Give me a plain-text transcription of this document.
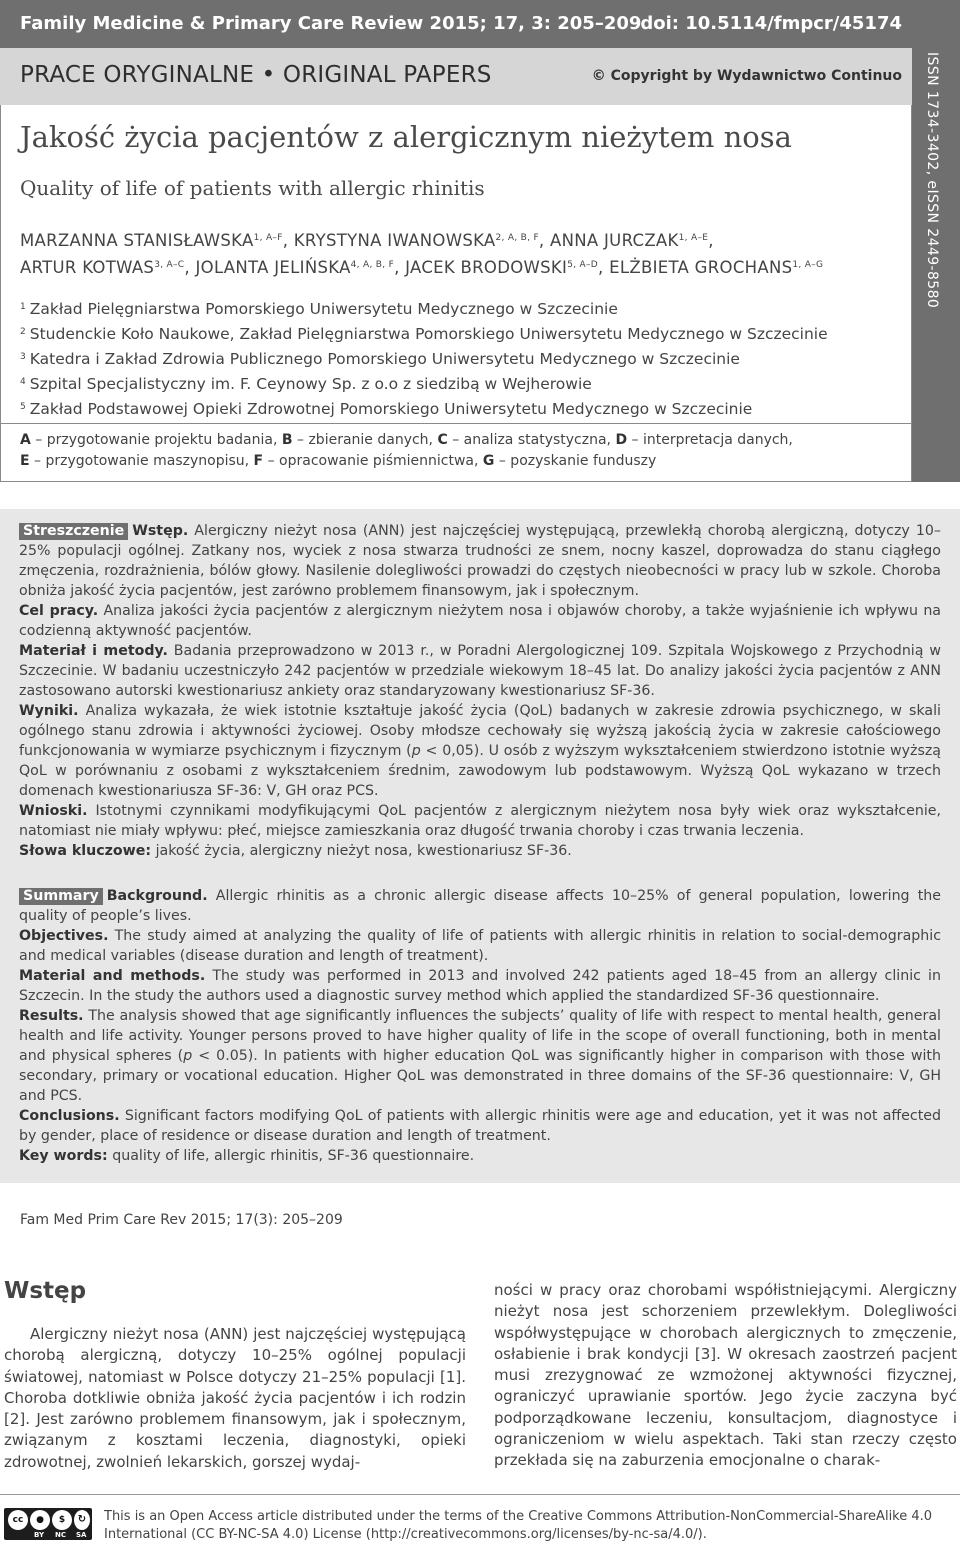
Family Medicine & Primary Care Review 2015; 17, 3: 205–209
doi: 10.5114/fmpcr/45174
PRACE ORYGINALNE • ORIGINAL PAPERS	© Copyright by Wydawnictwo Continuo ISSN 1734-3402, eISSN 2449-8580
Jakość życia pacjentów z alergicznym nieżytem nosa
Quality of life of patients with allergic rhinitis
MARZANNA $STANISŁAWSKA^{1, A-F}$, KRYSTYNA $IWANOWSKA^{2, A, B, F}$, ANNA $JURCZAK^{1, A-E}$,
ARTUR $KOTWAS^{3, A-C}$, JOLANTA $JELIŃSKA^{4, A, B, F}$, JACEK $BRODOWSKI^{5, A-D}$, ELŻBIETA $GROCHANS^{1, A-G}$
$^1$ Zakład Pielęgniarstwa Pomorskiego Uniwersytetu Medycznego w Szczecinie
$^2$ Studenckie Koło Naukowe, Zakład Pielęgniarstwa Pomorskiego Uniwersytetu Medycznego w Szczecinie
$^3$ Katedra i Zakład Zdrowia Publicznego Pomorskiego Uniwersytetu Medycznego w Szczecinie
$^4$ Szpital Specjalistyczny im. F. Ceynowy Sp. z o.o z siedzibą w Wejherowie
$^5$ Zakład Podstawowej Opieki Zdrowotnej Pomorskiego Uniwersytetu Medycznego w Szczecinie
A – przygotowanie projektu badania, B – zbieranie danych, C – analiza statystyczna, D – interpretacja danych,
E – przygotowanie maszynopisu, F – opracowanie piśmiennictwa, G – pozyskanie funduszy

Streszczenie Wstęp. Alergiczny nieżyt nosa (ANN) jest najczęściej występującą, przewlekłą chorobą alergiczną, dotyczy 10–25% populacji ogólnej. Zatkany nos, wyciek z nosa stwarza trudności ze snem, nocny kaszel, doprowadza do stanu ciągłego zmęczenia, rozdrażnienia, bólów głowy. Nasilenie dolegliwości prowadzi do częstych nieobecności w pracy lub w szkole. Choroba obniża jakość życia pacjentów, jest zarówno problemem finansowym, jak i społecznym.

Cel pracy. Analiza jakości życia pacjentów z alergicznym nieżytem nosa i objawów choroby, a także wyjaśnienie ich wpływu na codzienną aktywność pacjentów.

Materiał i metody. Badania przeprowadzono w 2013 r., w Poradni Alergologicznej 109. Szpitala Wojskowego z Przychodnią w Szczecinie. W badaniu uczestniczyło 242 pacjentów w przedziale wiekowym 18–45 lat. Do analizy jakości życia pacjentów z ANN zastosowano autorski kwestionariusz ankiety oraz standaryzowany kwestionariusz SF-36.

Wyniki. Analiza wykazała, że wiek istotnie kształtuje jakość życia (QoL) badanych w zakresie zdrowia psychicznego, w skali ogólnego stanu zdrowia i aktywności życiowej. Osoby młodsze cechowały się wyższą jakością życia w zakresie całościowego funkcjonowania w wymiarze psychicznym i fizycznym (p < 0,05). U osób z wyższym wykształceniem stwierdzono istotnie wyższą QoL w porównaniu z osobami z wykształceniem średnim, zawodowym lub podstawowym. Wyższą QoL wykazano w trzech domenach kwestionariusza SF-36: V, GH oraz PCS.

Wnioski. Istotnymi czynnikami modyfikującymi QoL pacjentów z alergicznym nieżytem nosa były wiek oraz wykształcenie, natomiast nie miały wpływu: płeć, miejsce zamieszkania oraz długość trwania choroby i czas trwania leczenia.

Słowa kluczowe: jakość życia, alergiczny nieżyt nosa, kwestionariusz SF-36.

Summary Background. Allergic rhinitis as a chronic allergic disease affects 10–25% of general population, lowering the quality of people’s lives.

Objectives. The study aimed at analyzing the quality of life of patients with allergic rhinitis in relation to social-demographic and medical variables (disease duration and length of treatment).

Material and methods. The study was performed in 2013 and involved 242 patients aged 18–45 from an allergy clinic in Szczecin. In the study the authors used a diagnostic survey method which applied the standardized SF-36 questionnaire.

Results. The analysis showed that age significantly influences the subjects’ quality of life with respect to mental health, general health and life activity. Younger persons proved to have higher quality of life in the scope of overall functioning, both in mental and physical spheres (p < 0.05). In patients with higher education QoL was significantly higher in comparison with those with secondary, primary or vocational education. Higher QoL was demonstrated in three domains of the SF-36 questionnaire: V, GH and PCS.

Conclusions. Significant factors modifying QoL of patients with allergic rhinitis were age and education, yet it was not affected by gender, place of residence or disease duration and length of treatment.

Key words: quality of life, allergic rhinitis, SF-36 questionnaire.

Fam Med Prim Care Rev 2015; 17(3): 205–209
Wstęp
Alergiczny nieżyt nosa (ANN) jest najczęściej występującą chorobą alergiczną, dotyczy 10–25% ogólnej populacji światowej, natomiast w Polsce dotyczy 21–25% populacji [1]. Choroba dotkliwie obniża jakość życia pacjentów i ich rodzin [2]. Jest zarówno problemem finansowym, jak i społecznym, związanym z kosztami leczenia, diagnostyki, opieki zdrowotnej, zwolnień lekarskich, gorszej wydaj-
ności w pracy oraz chorobami współistniejącymi. Alergiczny nieżyt nosa jest schorzeniem przewlekłym. Dolegliwości współwystępujące w chorobach alergicznych to zmęczenie, osłabienie i brak kondycji [3]. W okresach zaostrzeń pacjent musi zrezygnować ze wzmożonej aktywności fizycznej, ograniczyć uprawianie sportów. Jego życie zaczyna być podporządkowane leczeniu, konsultacjom, diagnostyce i ograniczeniom w wielu aspektach. Taki stan rzeczy często przekłada się na zaburzenia emocjonalne o charak-
cc	●	$	↻
BY NC SA
This is an Open Access article distributed under the terms of the Creative Commons Attribution-NonCommercial-ShareAlike 4.0 International (CC BY-NC-SA 4.0) License (http://creativecommons.org/licenses/by-nc-sa/4.0/).
